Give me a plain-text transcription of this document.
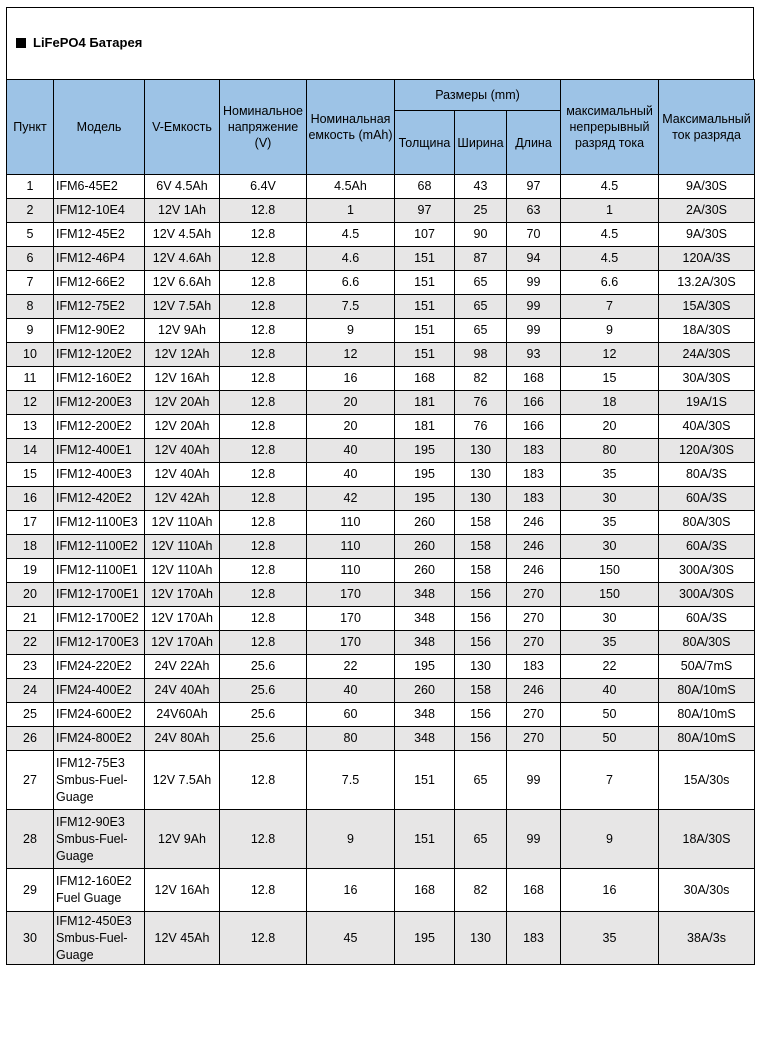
LiFePO4 Батарея
Пункт	Модель	V-Емкость	Номинальное напряжение (V)	Номинальная емкость (mAh)	Размеры (mm)			максимальный непрерывный разряд тока	Максимальный ток разряда
					Толщина	Ширина	Длина		
1	IFM6-45E2	6V 4.5Ah	6.4V	4.5Ah	68	43	97	4.5	9A/30S
2	IFM12-10E4	12V 1Ah	12.8	1	97	25	63	1	2A/30S
5	IFM12-45E2	12V 4.5Ah	12.8	4.5	107	90	70	4.5	9A/30S
6	IFM12-46P4	12V 4.6Ah	12.8	4.6	151	87	94	4.5	120A/3S
7	IFM12-66E2	12V 6.6Ah	12.8	6.6	151	65	99	6.6	13.2A/30S
8	IFM12-75E2	12V 7.5Ah	12.8	7.5	151	65	99	7	15A/30S
9	IFM12-90E2	12V 9Ah	12.8	9	151	65	99	9	18A/30S
10	IFM12-120E2	12V 12Ah	12.8	12	151	98	93	12	24A/30S
11	IFM12-160E2	12V 16Ah	12.8	16	168	82	168	15	30A/30S
12	IFM12-200E3	12V 20Ah	12.8	20	181	76	166	18	19A/1S
13	IFM12-200E2	12V 20Ah	12.8	20	181	76	166	20	40A/30S
14	IFM12-400E1	12V 40Ah	12.8	40	195	130	183	80	120A/30S
15	IFM12-400E3	12V 40Ah	12.8	40	195	130	183	35	80A/3S
16	IFM12-420E2	12V 42Ah	12.8	42	195	130	183	30	60A/3S
17	IFM12-1100E3	12V 110Ah	12.8	110	260	158	246	35	80A/30S
18	IFM12-1100E2	12V 110Ah	12.8	110	260	158	246	30	60A/3S
19	IFM12-1100E1	12V 110Ah	12.8	110	260	158	246	150	300A/30S
20	IFM12-1700E1	12V 170Ah	12.8	170	348	156	270	150	300A/30S
21	IFM12-1700E2	12V 170Ah	12.8	170	348	156	270	30	60A/3S
22	IFM12-1700E3	12V 170Ah	12.8	170	348	156	270	35	80A/30S
23	IFM24-220E2	24V 22Ah	25.6	22	195	130	183	22	50A/7mS
24	IFM24-400E2	24V 40Ah	25.6	40	260	158	246	40	80A/10mS
25	IFM24-600E2	24V60Ah	25.6	60	348	156	270	50	80A/10mS
26	IFM24-800E2	24V 80Ah	25.6	80	348	156	270	50	80A/10mS
27	IFM12-75E3 Smbus-Fuel-Guage	12V 7.5Ah	12.8	7.5	151	65	99	7	15A/30s
28	IFM12-90E3 Smbus-Fuel-Guage	12V 9Ah	12.8	9	151	65	99	9	18A/30S
29	IFM12-160E2 Fuel Guage	12V 16Ah	12.8	16	168	82	168	16	30A/30s
30	IFM12-450E3 Smbus-Fuel-Guage	12V 45Ah	12.8	45	195	130	183	35	38A/3s
